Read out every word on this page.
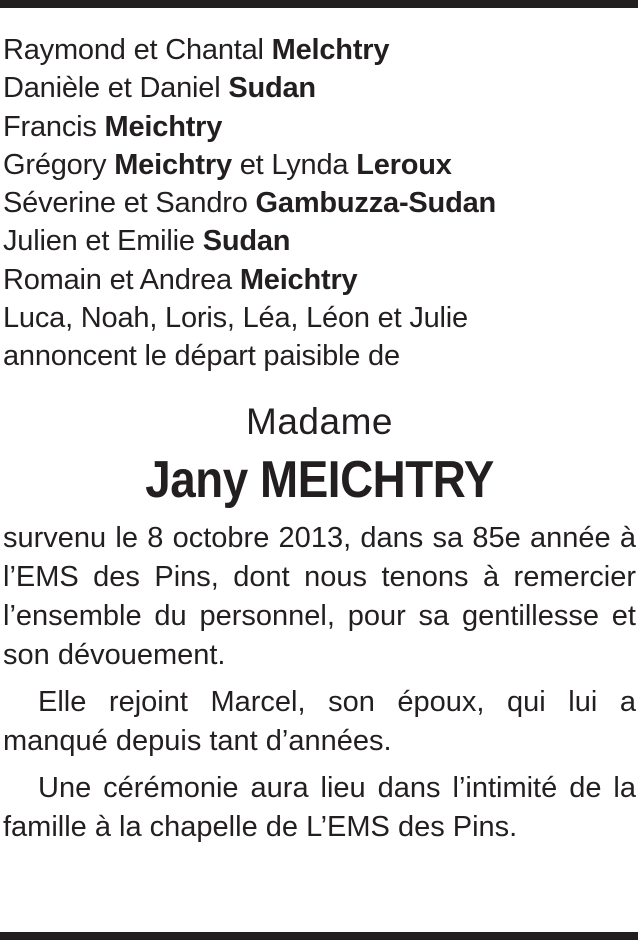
Raymond et Chantal Melchtry
Danièle et Daniel Sudan
Francis Meichtry
Grégory Meichtry et Lynda Leroux
Séverine et Sandro Gambuzza-Sudan
Julien et Emilie Sudan
Romain et Andrea Meichtry
Luca, Noah, Loris, Léa, Léon et Julie
annoncent le départ paisible de
Madame
Jany MEICHTRY

survenu le 8 octobre 2013, dans sa 85e année à l’EMS des Pins, dont nous tenons à remercier l’ensemble du personnel, pour sa gentillesse et son dévouement.

Elle rejoint Marcel, son époux, qui lui a manqué depuis tant d’années.

Une cérémonie aura lieu dans l’intimité de la famille à la chapelle de L’EMS des Pins.
